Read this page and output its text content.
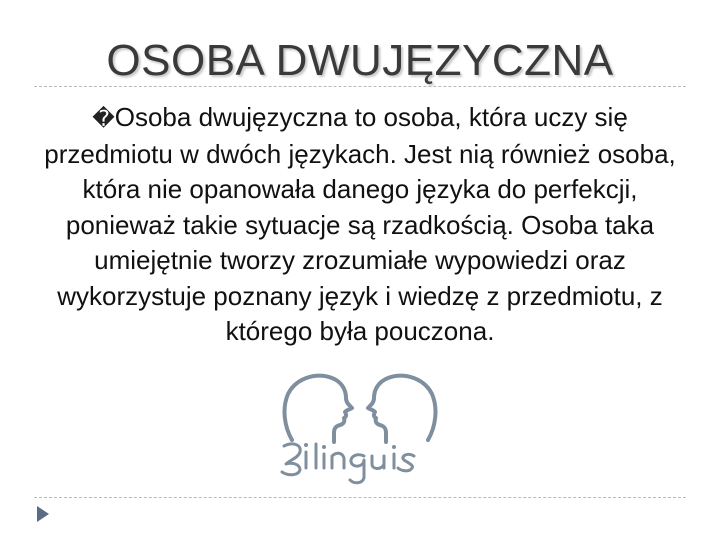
OSOBA DWUJĘZYCZNA
�Osoba dwujęzyczna to osoba, która uczy się przedmiotu w dwóch językach. Jest nią również osoba, która nie opanowała danego języka do perfekcji, ponieważ takie sytuacje są rzadkością. Osoba taka umiejętnie tworzy zrozumiałe wypowiedzi oraz wykorzystuje poznany język i wiedzę z przedmiotu, z którego była pouczona.
